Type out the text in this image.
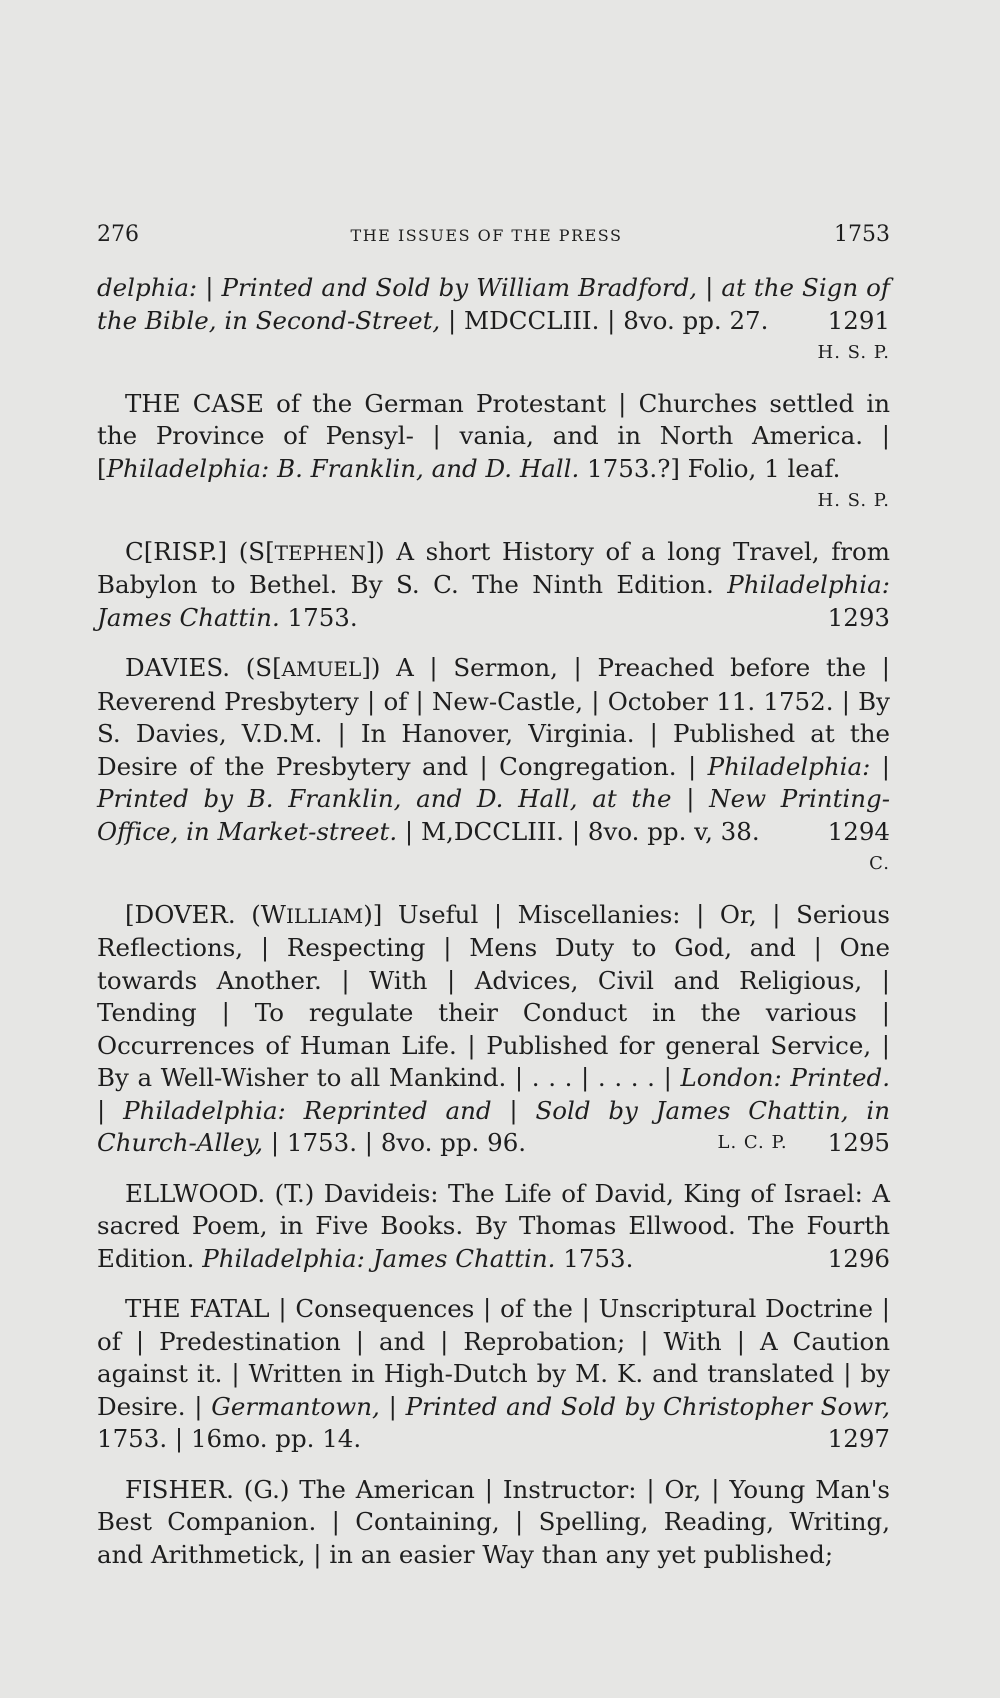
276	THE ISSUES OF THE PRESS	1753

delphia: | Printed and Sold by William Bradford, | at the Sign of the Bible, in Second-Street, | MDCCLIII. | 8vo. pp. 27. 1291
H. S. P.

THE CASE of the German Protestant | Churches settled in the Province of Pensyl- | vania, and in North America. | [Philadelphia: B. Franklin, and D. Hall. 1753.?] Folio, 1 leaf.
H. S. P.

C[RISP.] (S[TEPHEN]) A short History of a long Travel, from Babylon to Bethel. By S. C. The Ninth Edition. Philadelphia: James Chattin. 1753.	1293

DAVIES. (S[AMUEL]) A | Sermon, | Preached before the | Reverend Presbytery | of | New-Castle, | October 11. 1752. | By S. Davies, V.D.M. | In Hanover, Virginia. | Published at the Desire of the Presbytery and | Congregation. | Philadelphia: | Printed by B. Franklin, and D. Hall, at the | New Printing-Office, in Market-street. | M,DCCLIII. | 8vo. pp. v, 38.	1294
C.

[DOVER. (WILLIAM)] Useful | Miscellanies: | Or, | Serious Reflections, | Respecting | Mens Duty to God, and | One towards Another. | With | Advices, Civil and Religious, | Tending | To regulate their Conduct in the various | Occurrences of Human Life. | Published for general Service, | By a Well-Wisher to all Mankind. | . . . | . . . . | London: Printed. | Philadelphia: Reprinted and | Sold by James Chattin, in Church-Alley, | 1753. | 8vo. pp. 96.	1295
L. C. P.

ELLWOOD. (T.) Davideis: The Life of David, King of Israel: A sacred Poem, in Five Books. By Thomas Ellwood. The Fourth Edition. Philadelphia: James Chattin. 1753.	1296

THE FATAL | Consequences | of the | Unscriptural Doctrine | of | Predestination | and | Reprobation; | With | A Caution against it. | Written in High-Dutch by M. K. and translated | by Desire. | Germantown, | Printed and Sold by Christopher Sowr, 1753. | 16mo. pp. 14.	1297

FISHER. (G.) The American | Instructor: | Or, | Young Man's Best Companion. | Containing, | Spelling, Reading, Writing, and Arithmetick, | in an easier Way than any yet published;
